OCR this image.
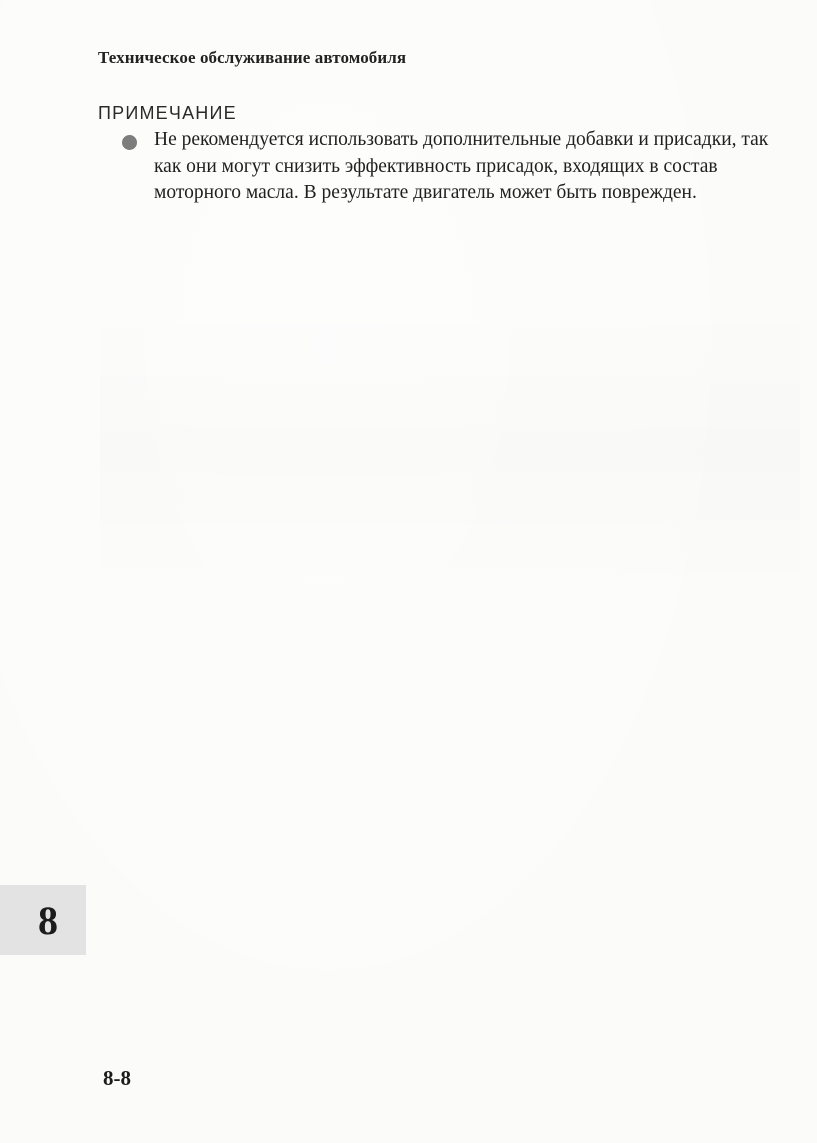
Техническое обслуживание автомобиля
ПРИМЕЧАНИЕ
Не рекомендуется использовать дополнительные добавки и присадки, так как они могут снизить эффективность присадок, входящих в состав моторного масла. В результате двигатель может быть поврежден.
8
8-8
